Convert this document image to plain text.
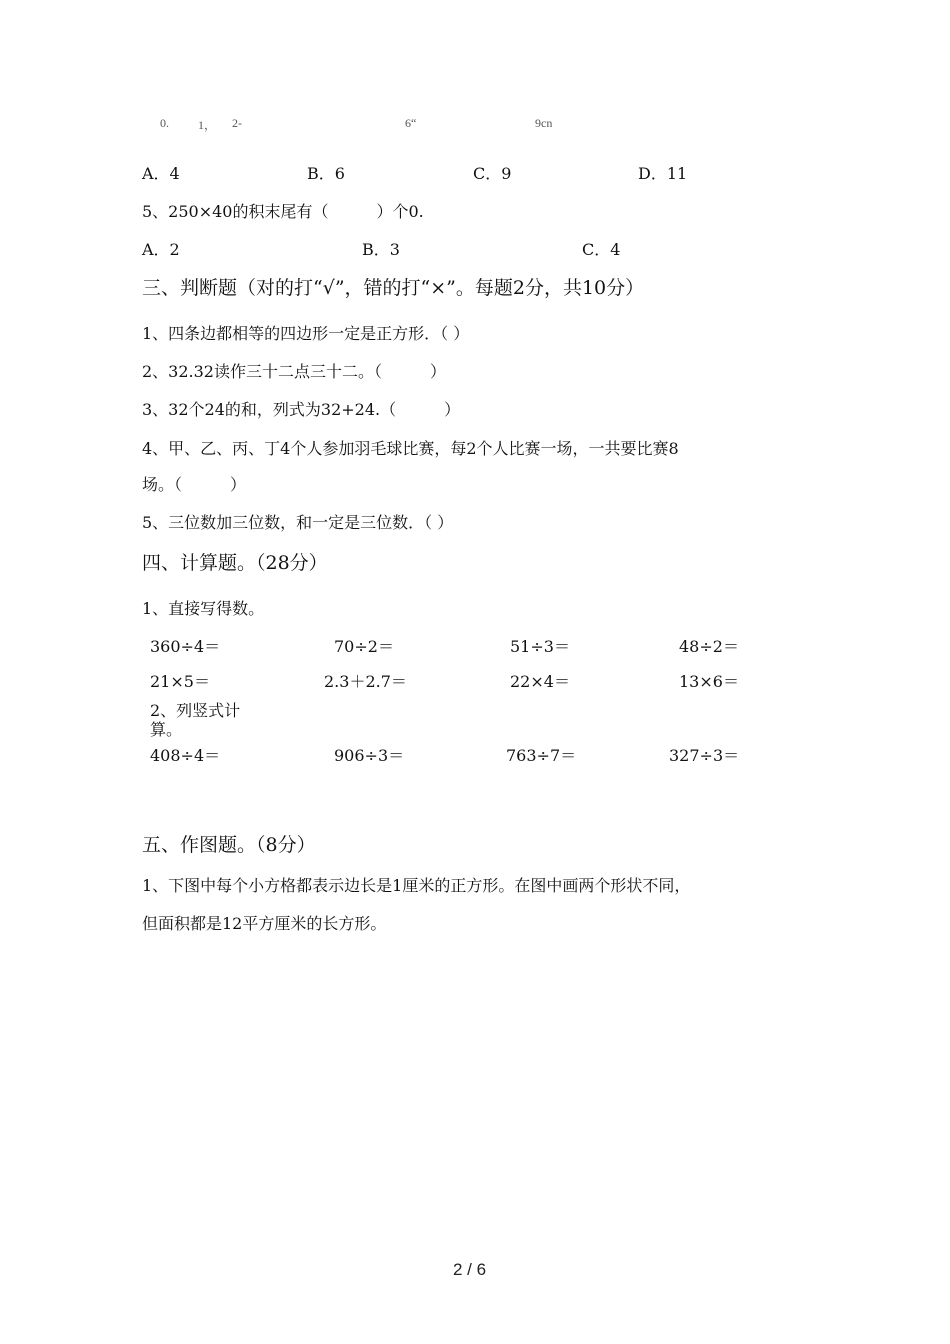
0. 1， 2-	6“	9cn
A．4	B．6	C．9	D．11
5、250×40的积末尾有（　　　）个0.
A．2	B．3	C．4
三、判断题（对的打“√”，错的打“×”。每题2分，共10分）
1、四条边都相等的四边形一定是正方形．（ ）
2、32.32读作三十二点三十二。（　　　）
3、32个24的和，列式为32+24.（　　　）
4、甲、乙、丙、丁4个人参加羽毛球比赛，每2个人比赛一场，一共要比赛8
场。（　　　）
5、三位数加三位数，和一定是三位数．（ ）
四、计算题。（28分）
1、直接写得数。
360÷4＝	70÷2＝	51÷3＝	48÷2＝
21×5＝	2.3＋2.7＝	22×4＝	13×6＝
2、列竖式计
算。
408÷4＝	906÷3＝	763÷7＝	327÷3＝
五、作图题。（8分）
1、下图中每个小方格都表示边长是1厘米的正方形。在图中画两个形状不同，
但面积都是12平方厘米的长方形。
2 / 6
